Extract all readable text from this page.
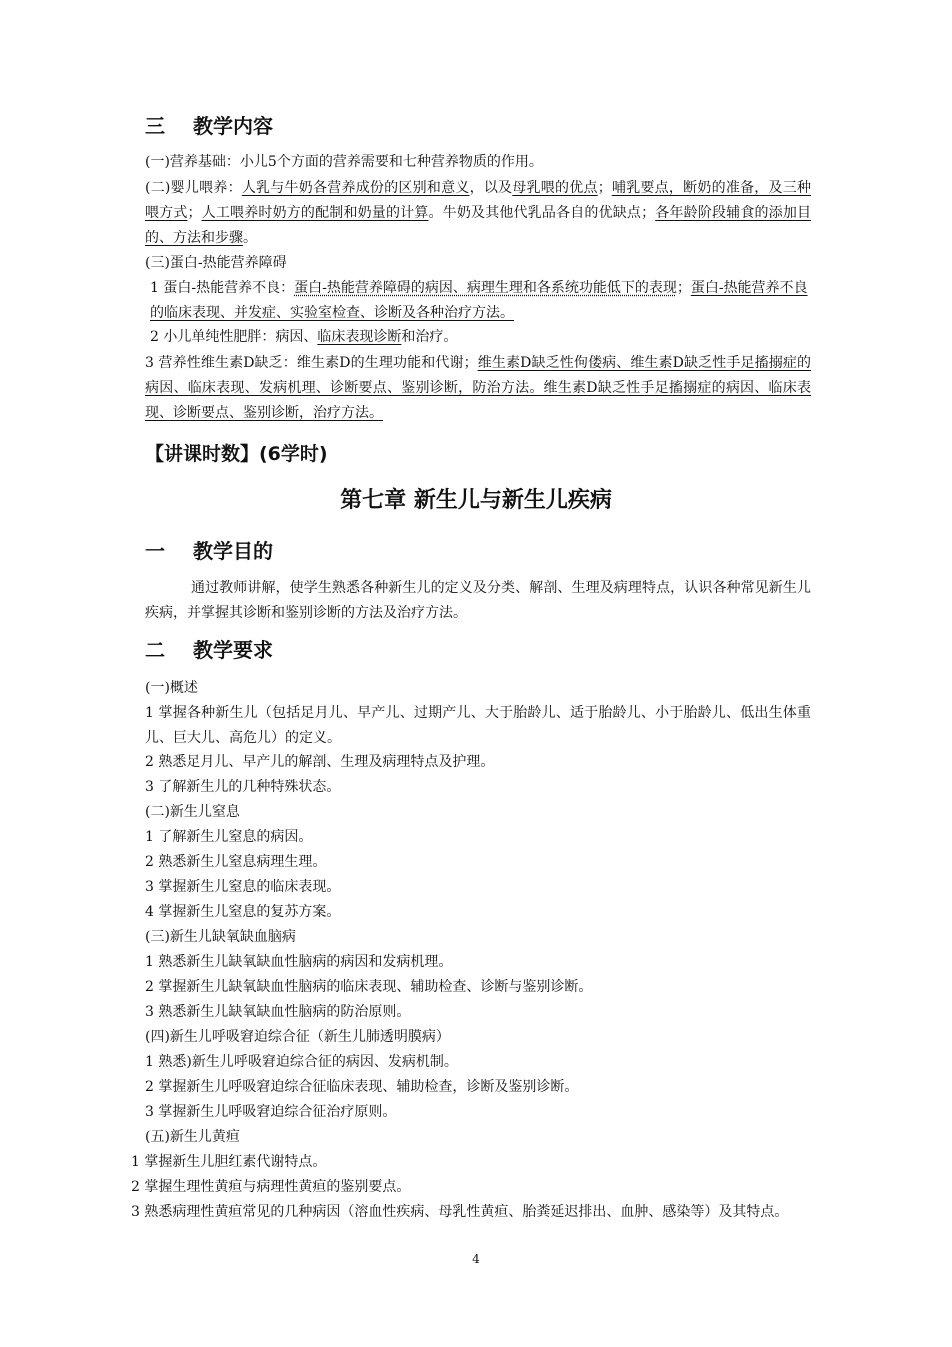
三 教学内容
(一)营养基础：小儿5个方面的营养需要和七种营养物质的作用。
(二)婴儿喂养：人乳与牛奶各营养成份的区别和意义，以及母乳喂的优点；哺乳要点，断奶的准备，及三种喂方式；人工喂养时奶方的配制和奶量的计算。牛奶及其他代乳品各自的优缺点；各年龄阶段辅食的添加目的、方法和步骤。
(三)蛋白-热能营养障碍
1 蛋白-热能营养不良：蛋白-热能营养障碍的病因、病理生理和各系统功能低下的表现；蛋白-热能营养不良的临床表现、并发症、实验室检查、诊断及各种治疗方法。
2 小儿单纯性肥胖：病因、临床表现诊断和治疗。
3 营养性维生素D缺乏：维生素D的生理功能和代谢；维生素D缺乏性佝偻病、维生素D缺乏性手足搐搦症的病因、临床表现、发病机理、诊断要点、鉴别诊断，防治方法。维生素D缺乏性手足搐搦症的病因、临床表现、诊断要点、鉴别诊断，治疗方法。
【讲课时数】(6学时)
第七章 新生儿与新生儿疾病
一 教学目的
通过教师讲解，使学生熟悉各种新生儿的定义及分类、解剖、生理及病理特点，认识各种常见新生儿疾病，并掌握其诊断和鉴别诊断的方法及治疗方法。
二 教学要求
(一)概述
1 掌握各种新生儿（包括足月儿、早产儿、过期产儿、大于胎龄儿、适于胎龄儿、小于胎龄儿、低出生体重儿、巨大儿、高危儿）的定义。
2 熟悉足月儿、早产儿的解剖、生理及病理特点及护理。
3 了解新生儿的几种特殊状态。
(二)新生儿窒息
1 了解新生儿窒息的病因。
2 熟悉新生儿窒息病理生理。
3 掌握新生儿窒息的临床表现。
4 掌握新生儿窒息的复苏方案。
(三)新生儿缺氧缺血脑病
1 熟悉新生儿缺氧缺血性脑病的病因和发病机理。
2 掌握新生儿缺氧缺血性脑病的临床表现、辅助检查、诊断与鉴别诊断。
3 熟悉新生儿缺氧缺血性脑病的防治原则。
(四)新生儿呼吸窘迫综合征（新生儿肺透明膜病）
1 熟悉)新生儿呼吸窘迫综合征的病因、发病机制。
2 掌握新生儿呼吸窘迫综合征临床表现、辅助检查，诊断及鉴别诊断。
3 掌握新生儿呼吸窘迫综合征治疗原则。
(五)新生儿黄疸
1 掌握新生儿胆红素代谢特点。
2 掌握生理性黄疸与病理性黄疸的鉴别要点。
3 熟悉病理性黄疸常见的几种病因（溶血性疾病、母乳性黄疸、胎粪延迟排出、血肿、感染等）及其特点。
4
